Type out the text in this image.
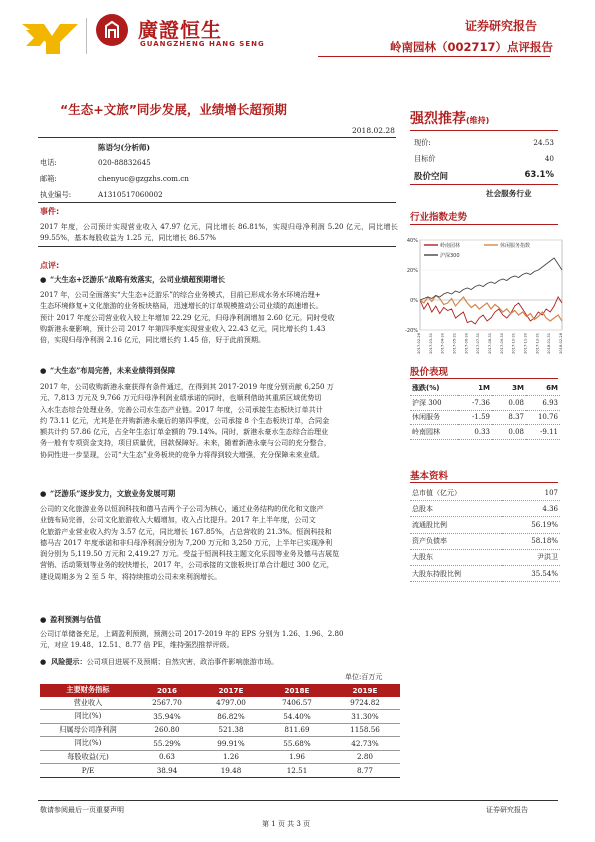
廣證恒生
GUANGZHENG HANG SENG
证券研究报告
岭南园林（002717）点评报告
“生态+文旅”同步发展，业绩增长超预期
2018.02.28
陈语匀(分析师)
电话:	020-88832645
邮箱:	chenyuc@gzgzhs.com.cn
执业编号:	A1310517060002
事件:
2017 年度，公司预计实现营业收入 47.97 亿元，同比增长 86.81%，实现归母净利润 5.20 亿元，同比增长 99.55%，基本每股收益为 1.25 元，同比增长 86.57%
点评:
● “大生态+泛游乐”战略有效落实，公司业绩超预期增长
2017 年，公司全面落实“大生态+泛游乐”的综合业务模式，目前已形成水务水环境治理+
生态环境修复+文化旅游的业务板块格局，迅速增长的订单规模推动公司业绩的高速增长。
预计 2017 年度公司营业收入较上年增加 22.29 亿元，归母净利润增加 2.60 亿元。同时受收
购新港永豪影响，预计公司 2017 年第四季度实现营业收入 22.43 亿元，同比增长约 1.43
倍，实现归母净利润 2.16 亿元，同比增长约 1.45 倍，好于此前预期。
● “大生态”布局完善，未来业绩得到保障
2017 年，公司收购新港永豪获得有条件通过，在得到其 2017-2019 年度分别贡献 6,250 万
元、7,813 万元及 9,766 万元归母净利润业绩承诺的同时，也顺利借助其重质区域优势切
入水生态综合处理业务，完善公司水生态产业链。2017 年度，公司承接生态板块订单共计
约 73.11 亿元，尤其是在并购新港永豪后的第四季度，公司承接 8 个生态板块订单，合同金
额共计约 57.86 亿元，占全年生态订单金额的 79.14%。同时，新港永豪水生态综合治理业
务一般有专项资金支持，项目质量优，回款保障好。未来，随着新港永豪与公司的充分整合，
协同性进一步显现，公司“大生态”业务板块的竞争力将得到较大增强，充分保障未来业绩。
● “泛游乐”逐步发力，文旅业务发展可期
公司的文化旅游业务以恒润科技和德马吉两个子公司为核心，通过业务结构的优化和文旅产
业链布局完善，公司文化旅游收入大幅增加，收入占比提升。2017 年上半年度，公司文
化旅游产业营业收入约为 3.57 亿元，同比增长 167.85%，占总营收的 21.3%。恒润科技和
德马吉 2017 年度承诺和非归母净利润分别为 7,200 万元和 3,250 万元，上半年已实现净利
润分别为 5,119.50 万元和 2,419.27 万元。受益于恒润科技主题文化乐园等业务及德马吉展览
营销、活动策划等业务的较快增长，2017 年，公司承接的文旅板块订单合计超过 300 亿元，
建设周期多为 2 至 5 年，将持续推动公司未来利润增长。
● 盈利预测与估值
公司订单储备充足，上调盈利预测，预测公司 2017-2019 年的 EPS 分别为 1.26、1.96、2.80
元，对应 19.48、12.51、8.77 倍 PE，维持强烈推荐评级。
●  风险提示：公司项目进展不及预期；自然灾害，政治事件影响旅游市场。
单位:百万元
主要财务指标	2016	2017E	2018E	2019E
营业收入	2567.70	4797.00	7406.57	9724.82
同比(%)	35.94%	86.82%	54.40%	31.30%
归属母公司净利润	260.80	521.38	811.69	1158.56
同比(%)	55.29%	99.91%	55.68%	42.73%
每股收益(元)	0.63	1.26	1.96	2.80
P/E	38.94	19.48	12.51	8.77
强烈推荐(维持)
现价:	24.53
目标价	40
股价空间	63.1%
社会服务行业
行业指数走势
40%
20%
0%
-20%
2017-02-28 2017-03-31 2017-04-30 2017-05-31 2017-06-30 2017-07-31 2017-08-31 2017-09-30 2017-10-31 2017-11-30 2017-12-31 2018-01-31 2018-02-28
岭南园林	休闲服务指数
沪深300
股价表现
涨跌(%)	1M	3M	6M
沪深 300	-7.36	0.08	6.93
休闲服务	-1.59	8.37	10.76
岭南园林	0.33	0.08	-9.11
基本资料
总市值（亿元）	107
总股本	4.36
流通股比例	56.19%
资产负债率	58.18%
大股东	尹洪卫
大股东持股比例	35.54%
敬请参阅最后一页重要声明
第 1 页 共 3 页
证券研究报告
